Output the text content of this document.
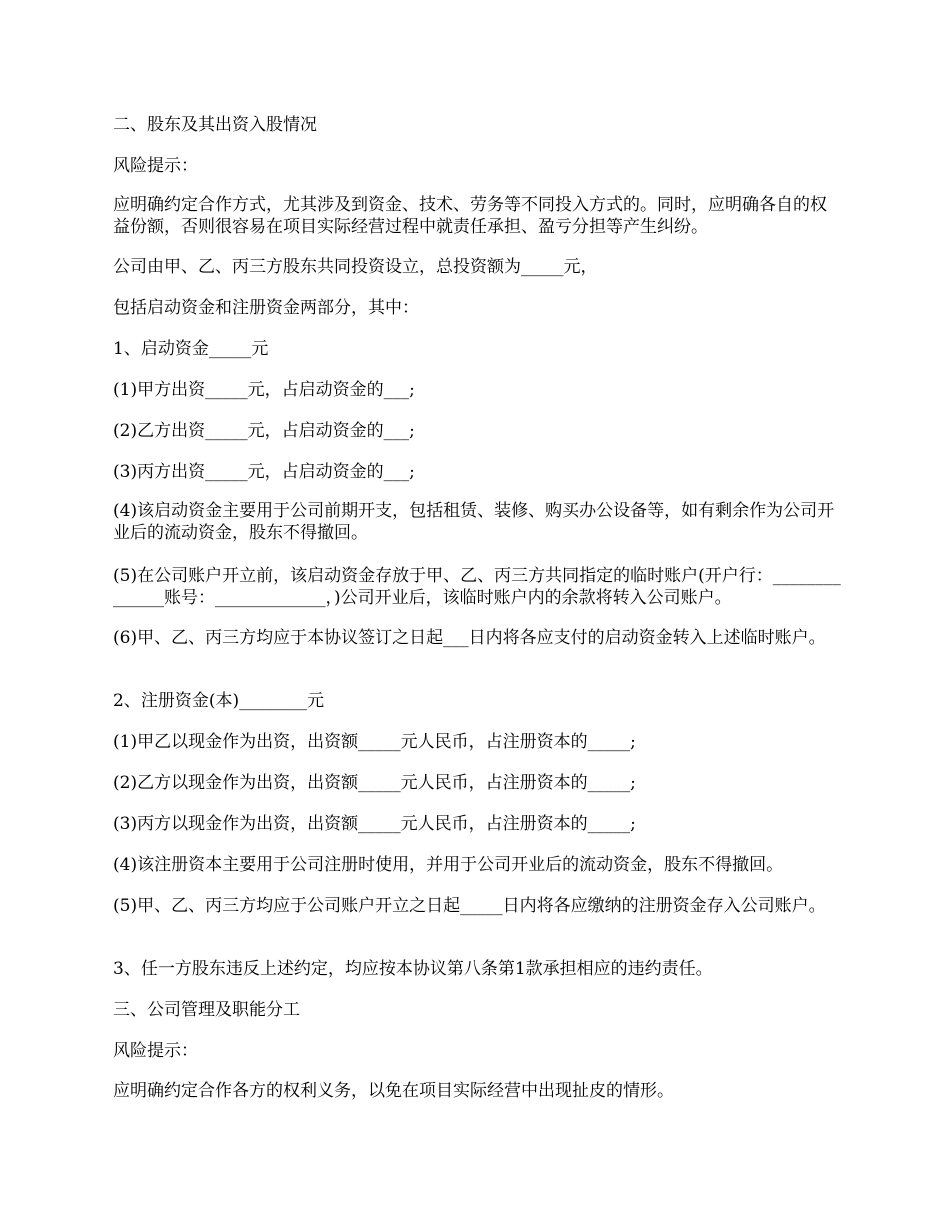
二、股东及其出资入股情况

风险提示：

应明确约定合作方式，尤其涉及到资金、技术、劳务等不同投入方式的。同时，应明确各自的权益份额，否则很容易在项目实际经营过程中就责任承担、盈亏分担等产生纠纷。

公司由甲、乙、丙三方股东共同投资设立，总投资额为_____元，

包括启动资金和注册资金两部分，其中：

1、启动资金_____元

(1)甲方出资_____元，占启动资金的___;

(2)乙方出资_____元，占启动资金的___;

(3)丙方出资_____元，占启动资金的___;

(4)该启动资金主要用于公司前期开支，包括租赁、装修、购买办公设备等，如有剩余作为公司开业后的流动资金，股东不得撤回。

(5)在公司账户开立前，该启动资金存放于甲、乙、丙三方共同指定的临时账户(开户行：______________账号：_____________，)公司开业后，该临时账户内的余款将转入公司账户。

(6)甲、乙、丙三方均应于本协议签订之日起___日内将各应支付的启动资金转入上述临时账户。

2、注册资金(本)________元

(1)甲乙以现金作为出资，出资额_____元人民币，占注册资本的_____;

(2)乙方以现金作为出资，出资额_____元人民币，占注册资本的_____;

(3)丙方以现金作为出资，出资额_____元人民币，占注册资本的_____;

(4)该注册资本主要用于公司注册时使用，并用于公司开业后的流动资金，股东不得撤回。

(5)甲、乙、丙三方均应于公司账户开立之日起_____日内将各应缴纳的注册资金存入公司账户。

3、任一方股东违反上述约定，均应按本协议第八条第1款承担相应的违约责任。

三、公司管理及职能分工

风险提示：

应明确约定合作各方的权利义务，以免在项目实际经营中出现扯皮的情形。
